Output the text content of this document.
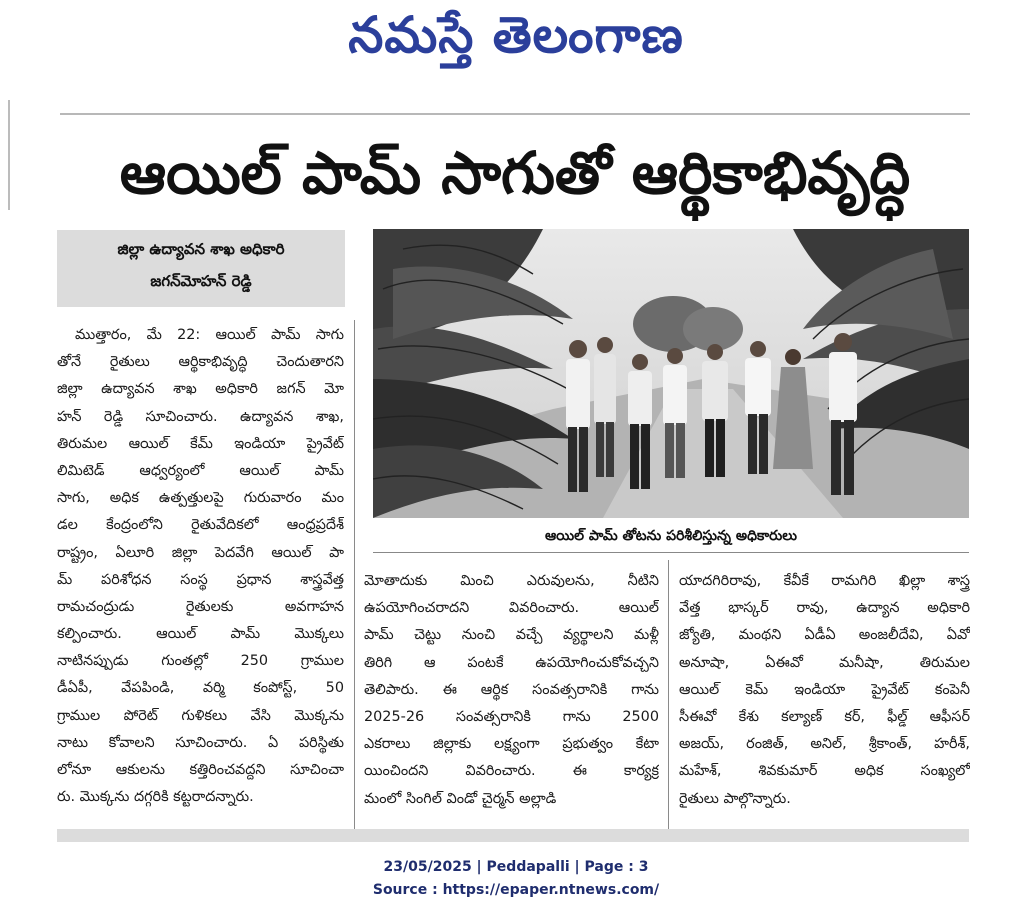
నమస్తే తెలంగాణ
ఆయిల్ పామ్ సాగుతో ఆర్థికాభివృద్ధి
జిల్లా ఉద్యావన శాఖ అధికారి
జగన్‌మోహన్ రెడ్డి
ఆయిల్ పామ్ తోటను పరిశీలిస్తున్న అధికారులు
ముత్తారం, మే 22: ఆయిల్ పామ్ సాగు
తోనే రైతులు ఆర్థికాభివృద్ధి చెందుతారని
జిల్లా ఉద్యావన శాఖ అధికారి జగన్ మో
హన్ రెడ్డి సూచించారు. ఉద్యావన శాఖ,
తిరుమల ఆయిల్ కేమ్ ఇండియా ప్రైవేట్
లిమిటెడ్ ఆధ్వర్యంలో ఆయిల్ పామ్
సాగు, అధిక ఉత్పత్తులపై గురువారం మం
డల కేంద్రంలోని రైతువేదికలో ఆంధ్రప్రదేశ్
రాష్ట్రం, ఏలూరి జిల్లా పెదవేగి ఆయిల్ పా
మ్ పరిశోధన సంస్థ ప్రధాన శాస్త్రవేత్త
రామచంద్రుడు రైతులకు అవగాహన
కల్పించారు. ఆయిల్ పామ్ మొక్కలు
నాటినప్పుడు గుంతల్లో 250 గ్రాముల
డీఏపీ, వేపపిండి, వర్మి కంపోస్ట్, 50
గ్రాముల పోరెట్ గుళికలు వేసి మొక్కను
నాటు కోవాలని సూచించారు. ఏ పరిస్థితు
లోనూ ఆకులను కత్తిరించవద్దని సూచించా
రు. మొక్కను దగ్గరికి కట్టరాదన్నారు.
మోతాదుకు మించి ఎరువులను, నీటిని
ఉపయోగించరాదని వివరించారు. ఆయిల్
పామ్ చెట్టు నుంచి వచ్చే వ్యర్థాలని మళ్లీ
తిరిగి ఆ పంటకే ఉపయోగించుకోవచ్చని
తెలిపారు. ఈ ఆర్థిక సంవత్సరానికి గాను
2025-26 సంవత్సరానికి గాను 2500
ఎకరాలు జిల్లాకు లక్ష్యంగా ప్రభుత్వం కేటా
యించిందని వివరించారు. ఈ కార్యక్ర
మంలో సింగిల్ విండో చైర్మన్ అల్లాడి
యాదగిరిరావు, కేవీకే రామగిరి ఖిల్లా శాస్త్ర
వేత్త భాస్కర్ రావు, ఉద్యాన అధికారి
జ్యోతి, మంథని ఏడీఏ అంజలీదేవి, ఏవో
అనూషా, ఏఈవో మనీషా, తిరుమల
ఆయిల్ కెమ్ ఇండియా ప్రైవేట్ కంపెనీ
సీఈవో కేశు కల్యాణ్ కర్, ఫీల్డ్ ఆఫీసర్
అజయ్, రంజిత్, అనిల్, శ్రీకాంత్, హరీశ్,
మహేశ్, శివకుమార్ అధిక సంఖ్యలో
రైతులు పాల్గొన్నారు.
23/05/2025 | Peddapalli | Page : 3
Source : https://epaper.ntnews.com/
